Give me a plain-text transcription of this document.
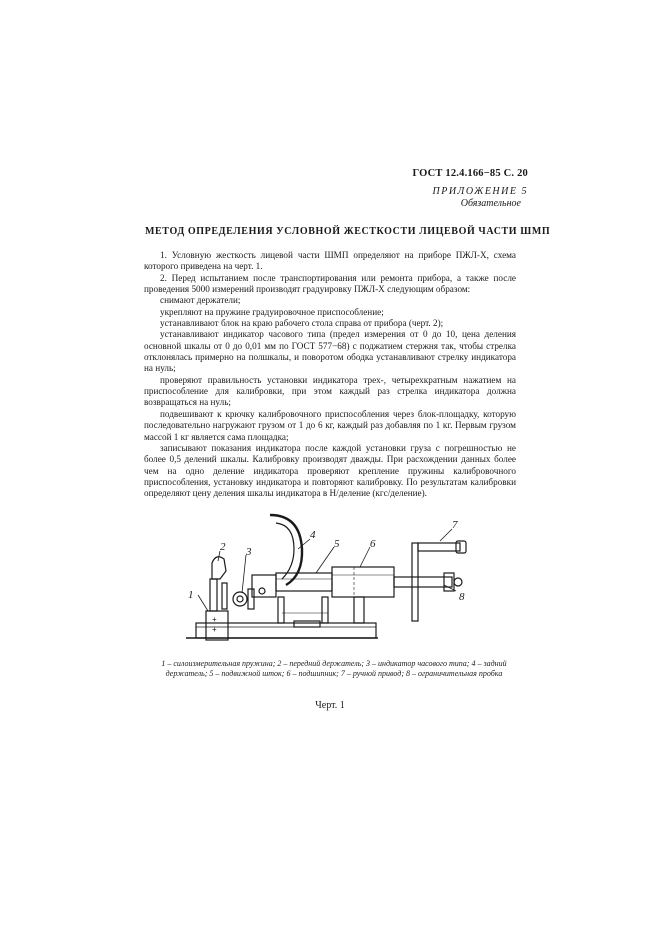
ГОСТ 12.4.166−85 С. 20
ПРИЛОЖЕНИЕ 5
Обязательное
МЕТОД ОПРЕДЕЛЕНИЯ УСЛОВНОЙ ЖЕСТКОСТИ ЛИЦЕВОЙ ЧАСТИ ШМП

1. Условную жесткость лицевой части ШМП определяют на приборе ПЖЛ-Х, схема которого приведена на черт. 1.

2. Перед испытанием после транспортирования или ремонта прибора, а также после проведения 5000 измерений производят градуировку ПЖЛ-Х следующим образом:

снимают держатели;

укрепляют на пружине градуировочное приспособление;

устанавливают блок на краю рабочего стола справа от прибора (черт. 2);

устанавливают индикатор часового типа (предел измерения от 0 до 10, цена деления основной шкалы от 0 до 0,01 мм по ГОСТ 577−68) с поджатием стержня так, чтобы стрелка отклонялась примерно на полшкалы, и поворотом ободка устанавливают стрелку индикатора на нуль;

проверяют правильность установки индикатора трех-, четырехкратным нажатием на приспособление для калибровки, при этом каждый раз стрелка индикатора должна возвращаться на нуль;

подвешивают к крючку калибровочного приспособления через блок-площадку, которую последовательно нагружают грузом от 1 до 6 кг, каждый раз добавляя по 1 кг. Первым грузом массой 1 кг является сама площадка;

записывают показания индикатора после каждой установки груза с погрешностью не более 0,5 делений шкалы. Калибровку производят дважды. При расхождении данных более чем на одно деление индикатора проверяют крепление пружины калибровочного приспособления, установку индикатора и повторяют калибровку. По результатам калибровки определяют цену деления шкалы индикатора в Н/деление (кгс/деление).

+
+
1
2 3
4
5	6
7
8
1 – силоизмерительная пружина; 2 – передний держатель; 3 – индикатор часового типа; 4 – задний держатель; 5 – подвижной шток; 6 – подшипник; 7 – ручной привод; 8 – ограничительная пробка
Черт. 1
